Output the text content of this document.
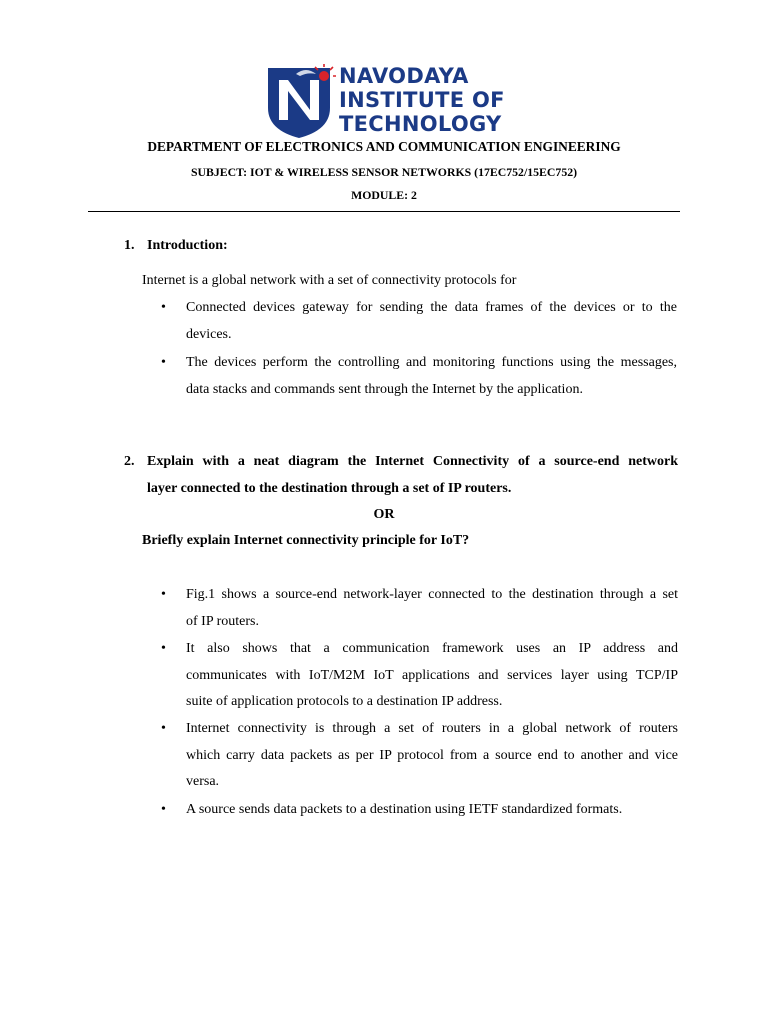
NAVODAYA
INSTITUTE OF
TECHNOLOGY
DEPARTMENT OF ELECTRONICS AND COMMUNICATION ENGINEERING
SUBJECT: IOT & WIRELESS SENSOR NETWORKS (17EC752/15EC752)
MODULE: 2
1. Introduction:
Internet is a global network with a set of connectivity protocols for
• Connected devices gateway for sending the data frames of the devices or to the
devices.
• The devices perform the controlling and monitoring functions using the messages,
data stacks and commands sent through the Internet by the application.
2. Explain with a neat diagram the Internet Connectivity of a source-end network
layer connected to the destination through a set of IP routers.
OR
Briefly explain Internet connectivity principle for IoT?
• Fig.1 shows a source-end network-layer connected to the destination through a set
of IP routers.
• It also shows that a communication framework uses an IP address and
communicates with IoT/M2M IoT applications and services layer using TCP/IP
suite of application protocols to a destination IP address.
• Internet connectivity is through a set of routers in a global network of routers
which carry data packets as per IP protocol from a source end to another and vice
versa.
• A source sends data packets to a destination using IETF standardized formats.
